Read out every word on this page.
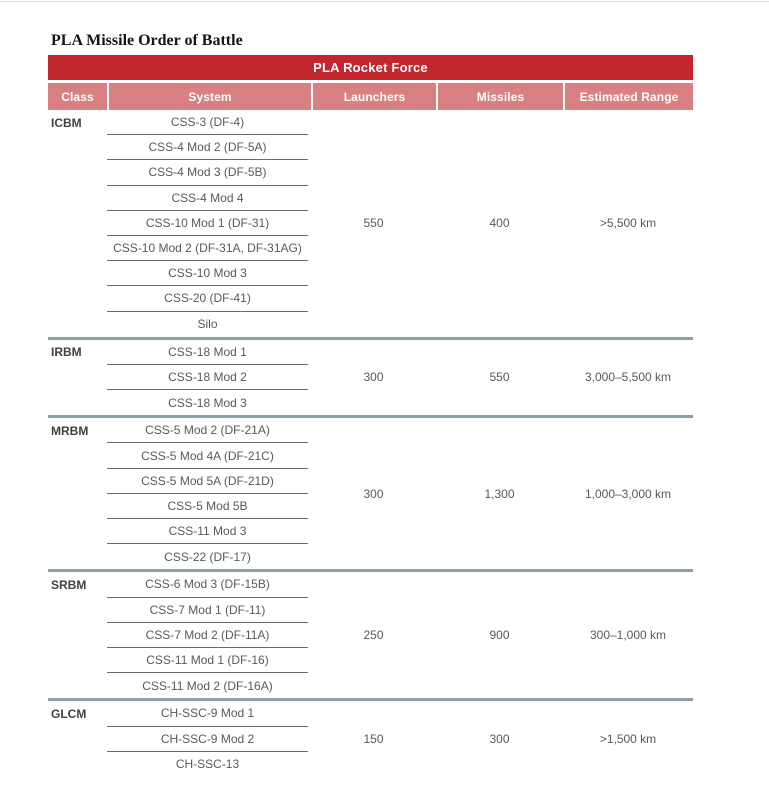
PLA Missile Order of Battle
PLA Rocket Force
Class	System	Launchers	Missiles	Estimated Range
ICBM	CSS-3 (DF-4)
CSS-4 Mod 2 (DF-5A)
CSS-4 Mod 3 (DF-5B)
CSS-4 Mod 4
CSS-10 Mod 1 (DF-31)
CSS-10 Mod 2 (DF-31A, DF-31AG)
CSS-10 Mod 3
CSS-20 (DF-41)
Silo
550	400	>5,500 km
IRBM	CSS-18 Mod 1
CSS-18 Mod 2
CSS-18 Mod 3
300	550	3,000–5,500 km
MRBM	CSS-5 Mod 2 (DF-21A)
CSS-5 Mod 4A (DF-21C)
CSS-5 Mod 5A (DF-21D)
CSS-5 Mod 5B
CSS-11 Mod 3
CSS-22 (DF-17)
300	1,300	1,000–3,000 km
SRBM	CSS-6 Mod 3 (DF-15B)
CSS-7 Mod 1 (DF-11)
CSS-7 Mod 2 (DF-11A)
CSS-11 Mod 1 (DF-16)
CSS-11 Mod 2 (DF-16A)
250	900	300–1,000 km
GLCM	CH-SSC-9 Mod 1
CH-SSC-9 Mod 2
CH-SSC-13
150	300	>1,500 km
